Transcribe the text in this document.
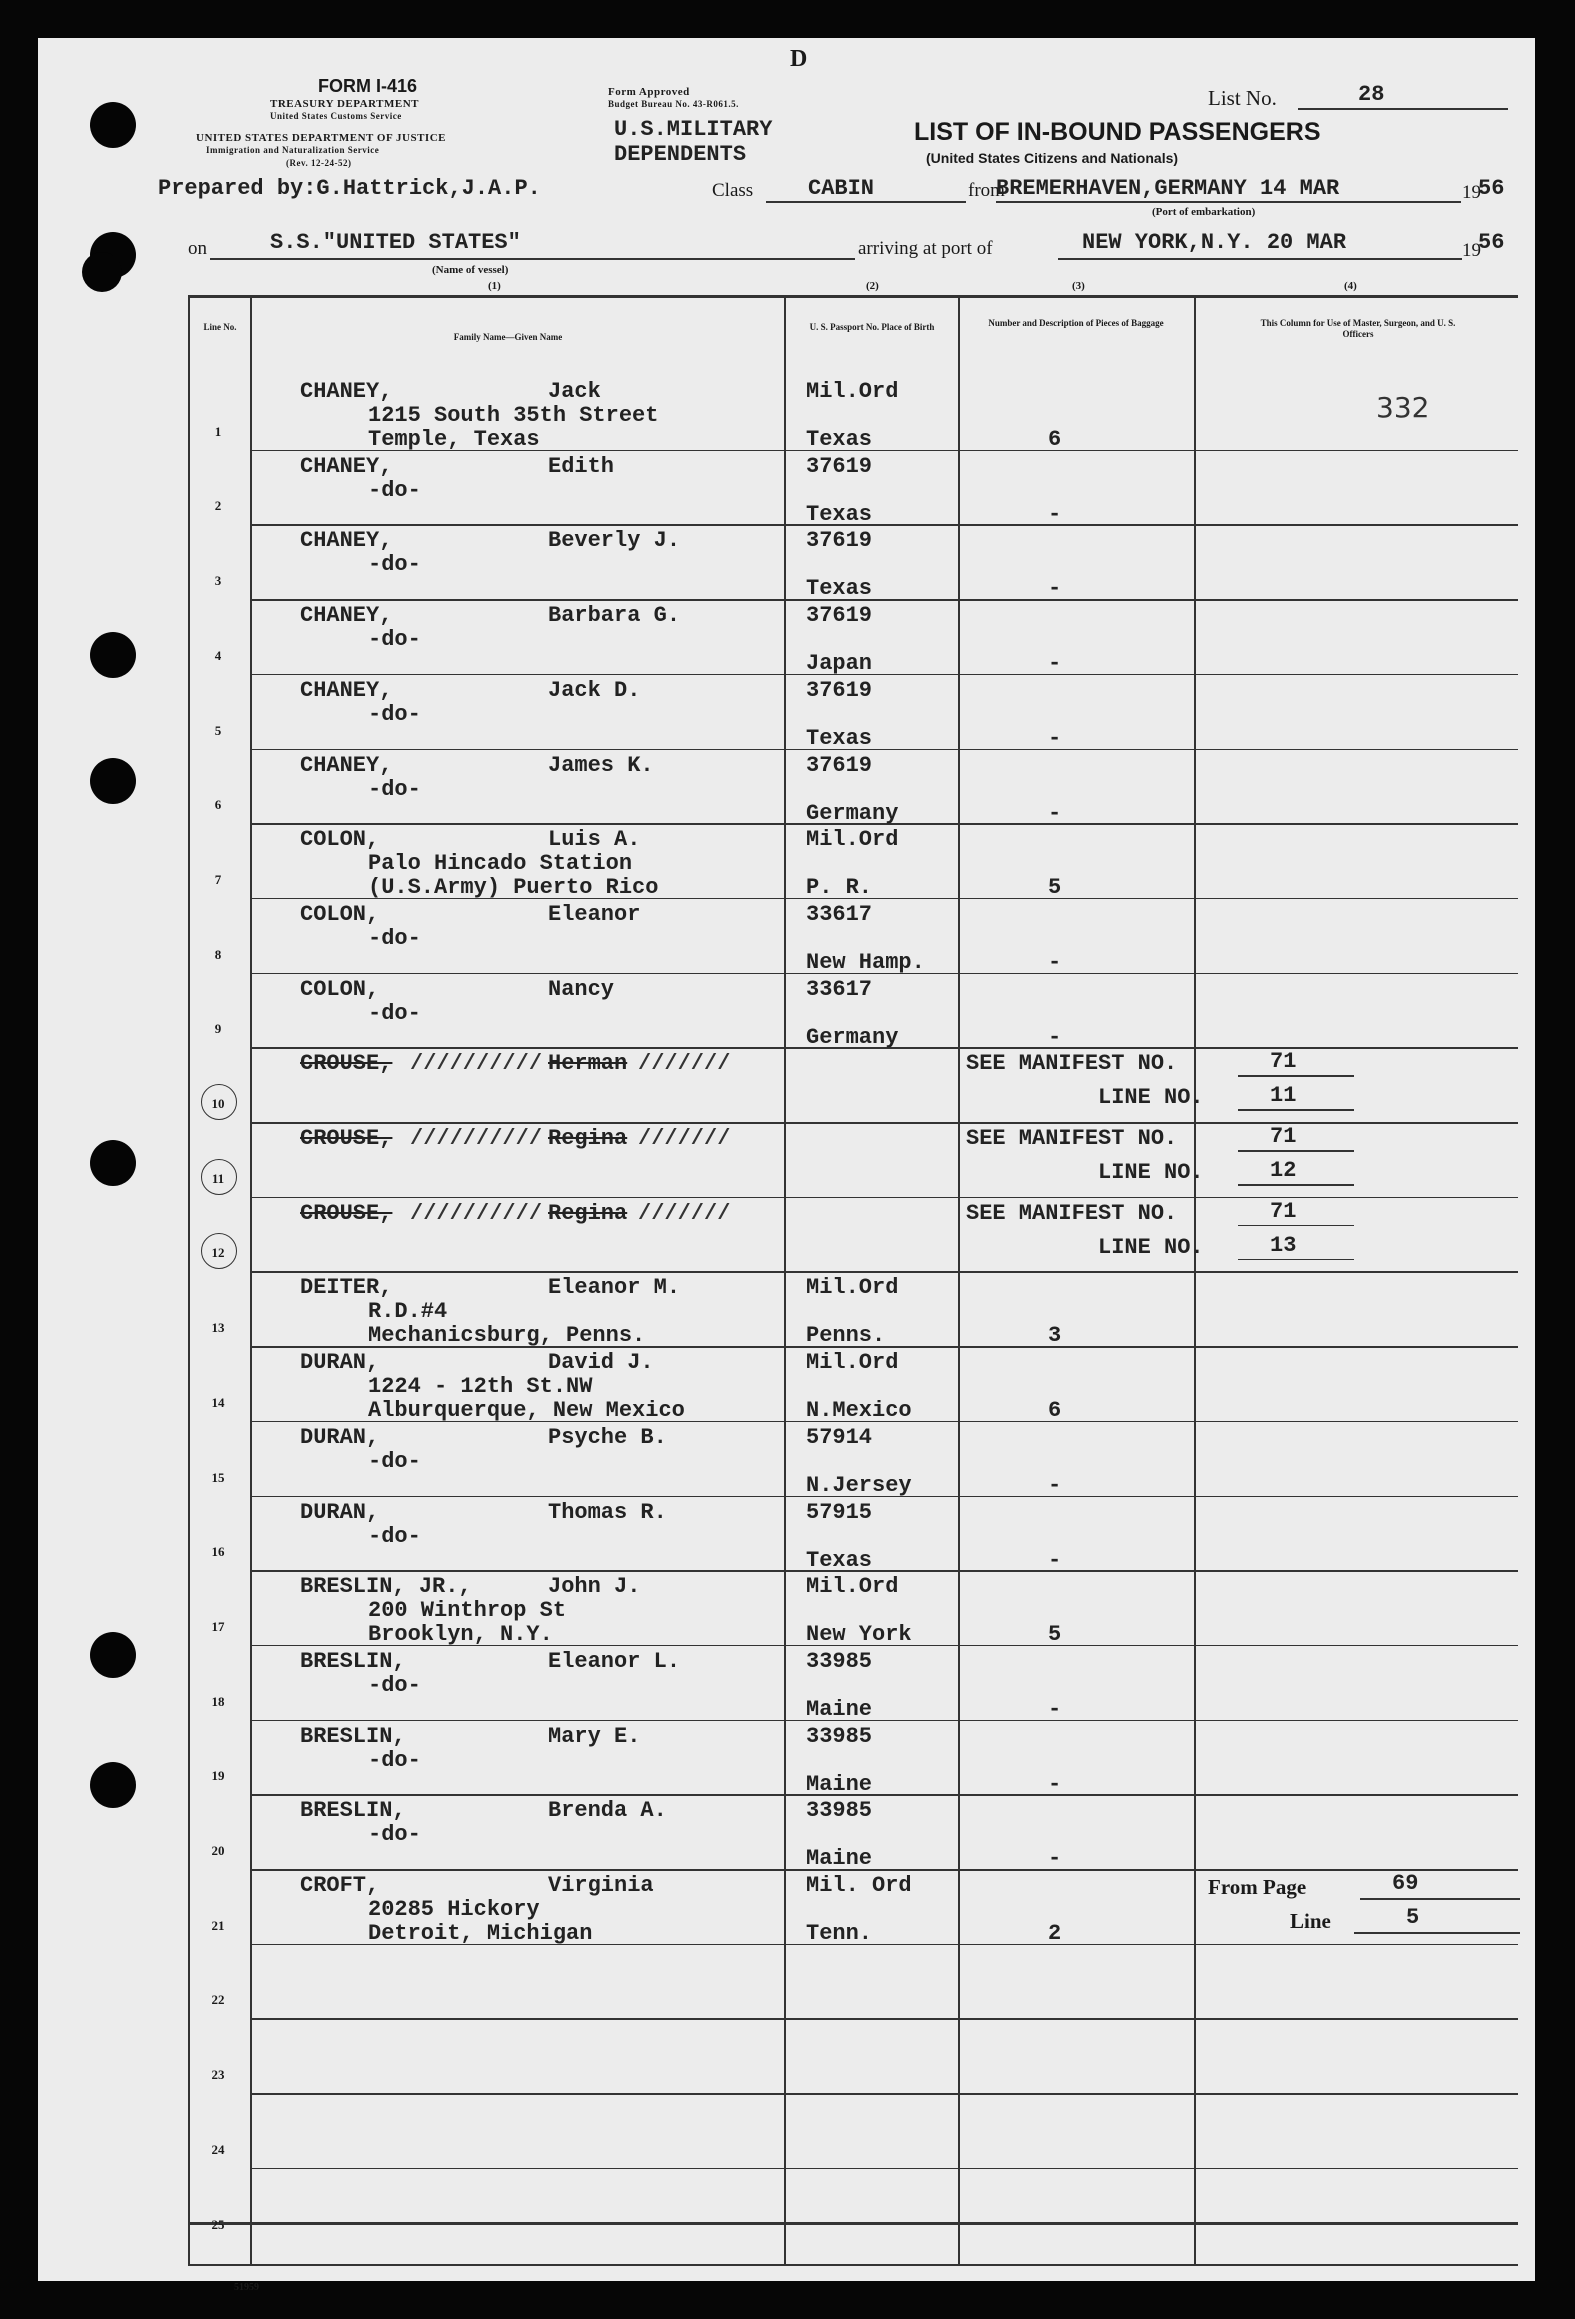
D
FORM I-416
TREASURY DEPARTMENT
United States Customs Service
UNITED STATES DEPARTMENT OF JUSTICE
Immigration and Naturalization Service
(Rev. 12-24-52)
Form Approved
Budget Bureau No. 43-R061.5.
U.S.MILITARY
DEPENDENTS
List No.	28
LIST OF IN-BOUND PASSENGERS
(United States Citizens and Nationals)
Prepared by:G.Hattrick,J.A.P.	Class CABIN	from
BREMERHAVEN,GERMANY 14 MAR	19
56
(Port of embarkation)
on	S.S."UNITED STATES"
(Name of vessel)
arriving at port of	NEW YORK,N.Y. 20 MAR	19
56
(1)	(2)	(3)	(4)
Line No.
Family Name—Given Name
U. S. Passport No. Place of Birth	Number and Description of Pieces of Baggage	This Column for Use of Master, Surgeon, and U. S. Officers
51959
1
CHANEY,	Jack
1215 South 35th Street
Temple, Texas
Mil.Ord
Texas	6
332
2
CHANEY,	Edith
-do-
37619
Texas	-
3
CHANEY,	Beverly J.
-do-
37619
Texas	-
4
CHANEY,	Barbara G.
-do-
37619
Japan	-
5
CHANEY,	Jack D.
-do-
37619
Texas	-
6
CHANEY,	James K.
-do-
37619
Germany	-
7
COLON,	Luis A.
Palo Hincado Station
(U.S.Army) Puerto Rico
Mil.Ord
P. R.	5
8
COLON,	Eleanor
-do-
33617
New Hamp.	-
9
COLON,	Nancy
-do-
33617
Germany	-
10
CROUSE,	Herman
//////////	///////	SEE MANIFEST NO.	71
LINE NO.	11
11
CROUSE,	Regina
//////////	///////	SEE MANIFEST NO.	71
LINE NO.	12
12
CROUSE,	Regina
//////////	///////	SEE MANIFEST NO.	71
LINE NO.	13
13
DEITER,	Eleanor M.
R.D.#4
Mechanicsburg, Penns.
Mil.Ord
Penns.	3
14
DURAN,	David J.
1224 - 12th St.NW
Alburquerque, New Mexico
Mil.Ord
N.Mexico	6
15
DURAN,	Psyche B.
-do-
57914
N.Jersey	-
16
DURAN,	Thomas R.
-do-
57915
Texas	-
17
BRESLIN, JR.,	John J.
200 Winthrop St
Brooklyn, N.Y.
Mil.Ord
New York	5
18
BRESLIN,	Eleanor L.
-do-
33985
Maine	-
19
BRESLIN,	Mary E.
-do-
33985
Maine	-
20
BRESLIN,	Brenda A.
-do-
33985
Maine	-
21
CROFT,	Virginia
20285 Hickory
Detroit, Michigan
Mil. Ord
Tenn.	2
22
23
24
25
From Page	69
Line	5
